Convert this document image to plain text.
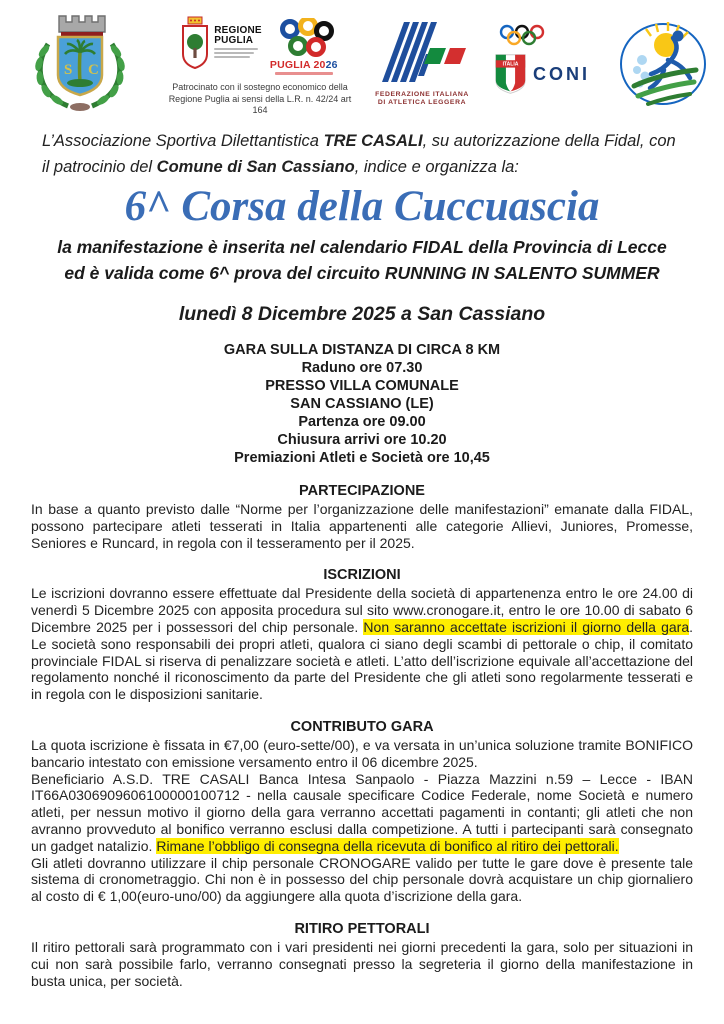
S C
REGIONE
PUGLIA
PUGLIA 2026
Patrocinato con il sostegno economico della Regione Puglia ai sensi della L.R. n. 42/24 art 164
FEDERAZIONE ITALIANA
DI ATLETICA LEGGERA
ITALIA CONI

L’Associazione Sportiva Dilettantistica TRE CASALI, su autorizzazione della Fidal, con il patrocinio del Comune di San Cassiano, indice e organizza la:

6^ Corsa della Cuccuascia
la manifestazione è inserita nel calendario FIDAL della Provincia di Lecce ed è valida come 6^ prova del circuito RUNNING IN SALENTO SUMMER
lunedì 8 Dicembre 2025 a San Cassiano
GARA SULLA DISTANZA DI CIRCA 8 KM
Raduno ore 07.30
PRESSO VILLA COMUNALE
SAN CASSIANO (LE)
Partenza ore 09.00
Chiusura arrivi ore 10.20
Premiazioni Atleti e Società ore 10,45
PARTECIPAZIONE
In base a quanto previsto dalle “Norme per l’organizzazione delle manifestazioni” emanate dalla FIDAL, possono partecipare atleti tesserati in Italia appartenenti alle categorie Allievi, Juniores, Promesse, Seniores e Runcard, in regola con il tesseramento per il 2025.
ISCRIZIONI
Le iscrizioni dovranno essere effettuate dal Presidente della società di appartenenza entro le ore 24.00 di venerdì 5 Dicembre 2025 con apposita procedura sul sito www.cronogare.it, entro le ore 10.00 di sabato 6 Dicembre 2025 per i possessori del chip personale. Non saranno accettate iscrizioni il giorno della gara. Le società sono responsabili dei propri atleti, qualora ci siano degli scambi di pettorale o chip, il comitato provinciale FIDAL si riserva di penalizzare società e atleti. L’atto dell’iscrizione equivale all’accettazione del regolamento nonché il riconoscimento da parte del Presidente che gli atleti sono regolarmente tesserati e in regola con le disposizioni sanitarie.
CONTRIBUTO GARA
La quota iscrizione è fissata in €7,00 (euro-sette/00), e va versata in un’unica soluzione tramite BONIFICO bancario intestato con emissione versamento entro il 06 dicembre 2025.
Beneficiario A.S.D. TRE CASALI Banca Intesa Sanpaolo - Piazza Mazzini n.59 – Lecce - IBAN IT66A0306909606100000100712 - nella causale specificare Codice Federale, nome Società e numero atleti, per nessun motivo il giorno della gara verranno accettati pagamenti in contanti; gli atleti che non avranno provveduto al bonifico verranno esclusi dalla competizione. A tutti i partecipanti sarà consegnato un gadget natalizio. Rimane l’obbligo di consegna della ricevuta di bonifico al ritiro dei pettorali.
Gli atleti dovranno utilizzare il chip personale CRONOGARE valido per tutte le gare dove è presente tale sistema di cronometraggio. Chi non è in possesso del chip personale dovrà acquistare un chip giornaliero al costo di € 1,00(euro-uno/00) da aggiungere alla quota d’iscrizione della gara.
RITIRO PETTORALI
Il ritiro pettorali sarà programmato con i vari presidenti nei giorni precedenti la gara, solo per situazioni in cui non sarà possibile farlo, verranno consegnati presso la segreteria il giorno della manifestazione in busta unica, per società.
